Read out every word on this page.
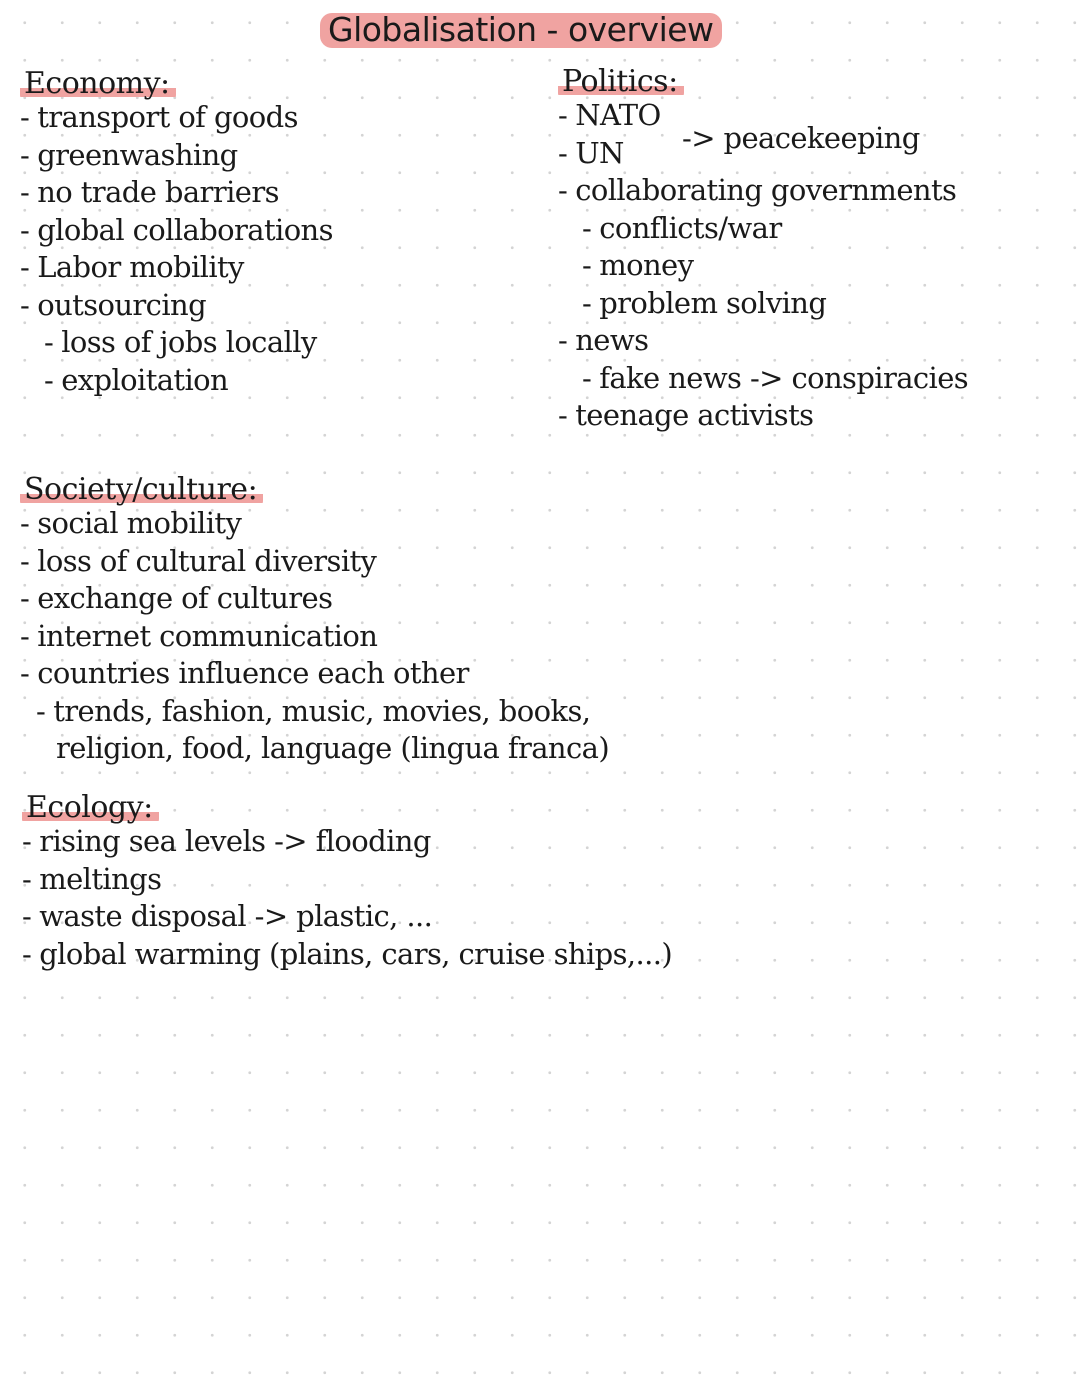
Globalisation - overview
Economy:
- transport of goods
- greenwashing
- no trade barriers
- global collaborations
- Labor mobility
- outsourcing
- loss of jobs locally
- exploitation
Politics:
- NATO
- UN
- collaborating governments
- conflicts/war
- money
- problem solving
- news
- fake news -> conspiracies
- teenage activists
-> peacekeeping
Society/culture:
- social mobility
- loss of cultural diversity
- exchange of cultures
- internet communication
- countries influence each other
- trends, fashion, music, movies, books,
religion, food, language (lingua franca)
Ecology:
- rising sea levels -> flooding
- meltings
- waste disposal -> plastic, ...
- global warming (plains, cars, cruise ships,...)
